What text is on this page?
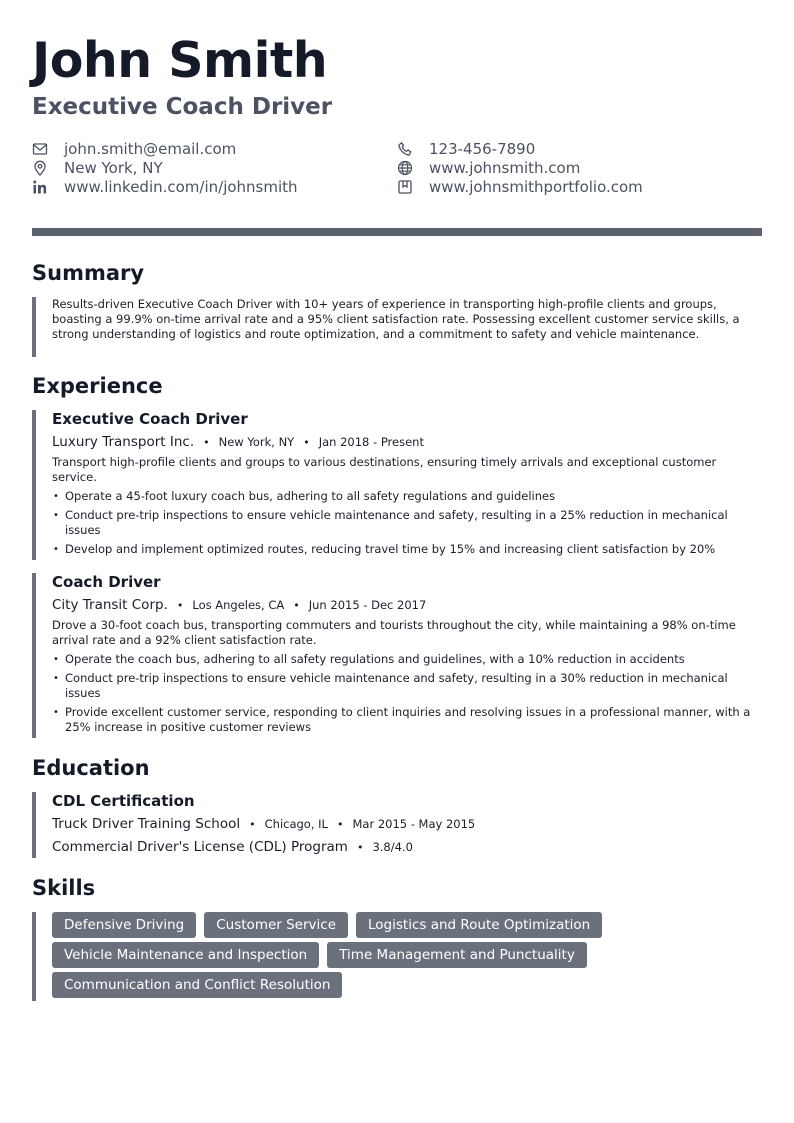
John Smith
Executive Coach Driver
john.smith@email.com
New York, NY
www.linkedin.com/in/johnsmith
123-456-7890
www.johnsmith.com
www.johnsmithportfolio.com
Summary

Results-driven Executive Coach Driver with 10+ years of experience in transporting high-profile clients and groups, boasting a 99.9% on-time arrival rate and a 95% client satisfaction rate. Possessing excellent customer service skills, a strong understanding of logistics and route optimization, and a commitment to safety and vehicle maintenance.

Experience
Executive Coach Driver
Luxury Transport Inc. • New York, NY • Jan 2018 - Present

Transport high-profile clients and groups to various destinations, ensuring timely arrivals and exceptional customer service.

• Operate a 45-foot luxury coach bus, adhering to all safety regulations and guidelines
• Conduct pre-trip inspections to ensure vehicle maintenance and safety, resulting in a 25% reduction in mechanical issues
• Develop and implement optimized routes, reducing travel time by 15% and increasing client satisfaction by 20%
Coach Driver
City Transit Corp. • Los Angeles, CA • Jun 2015 - Dec 2017

Drove a 30-foot coach bus, transporting commuters and tourists throughout the city, while maintaining a 98% on-time arrival rate and a 92% client satisfaction rate.

• Operate the coach bus, adhering to all safety regulations and guidelines, with a 10% reduction in accidents
• Conduct pre-trip inspections to ensure vehicle maintenance and safety, resulting in a 30% reduction in mechanical issues
• Provide excellent customer service, responding to client inquiries and resolving issues in a professional manner, with a 25% increase in positive customer reviews
Education
CDL Certification
Truck Driver Training School • Chicago, IL • Mar 2015 - May 2015
Commercial Driver's License (CDL) Program • 3.8/4.0
Skills
Defensive Driving	Customer Service	Logistics and Route Optimization
Vehicle Maintenance and Inspection	Time Management and Punctuality
Communication and Conflict Resolution
